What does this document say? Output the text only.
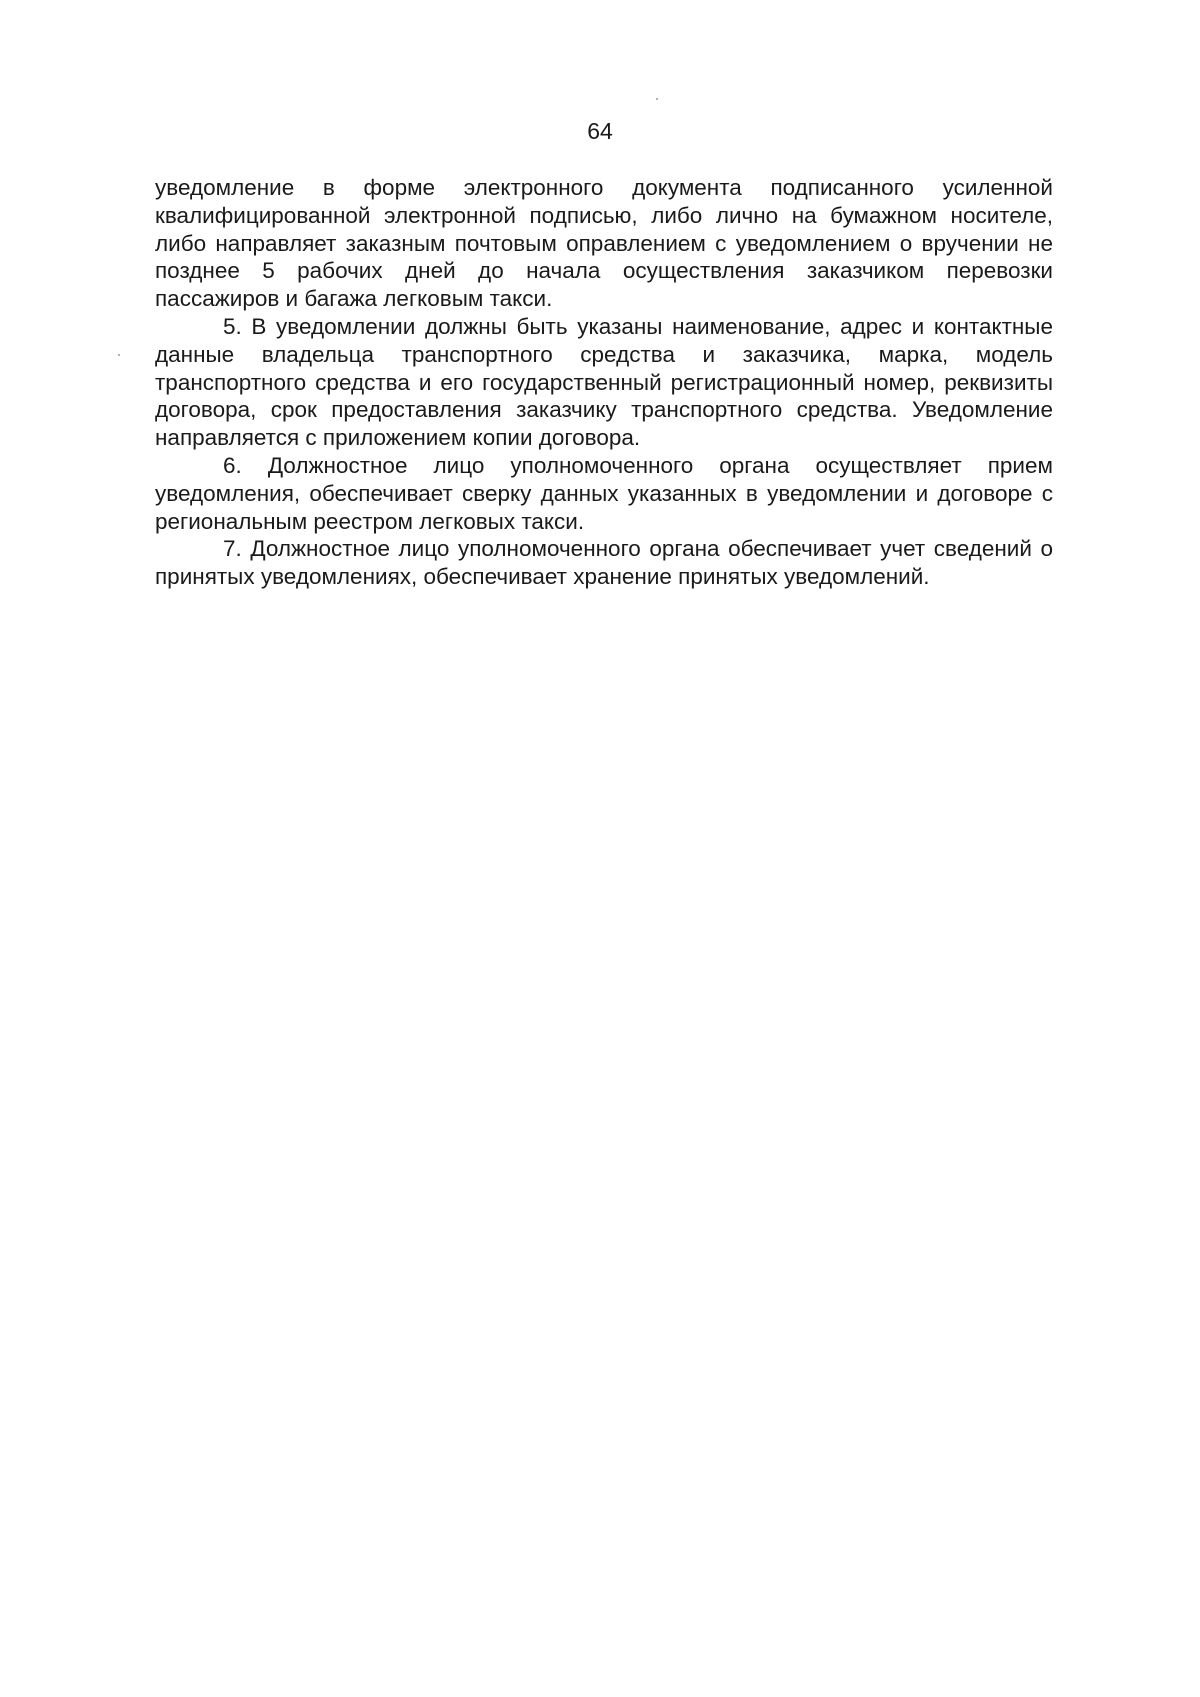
64

уведомление в форме электронного документа подписанного усиленной квалифицированной электронной подписью, либо лично на бумажном носителе, либо направляет заказным почтовым оправлением с уведомлением о вручении не позднее 5 рабочих дней до начала осуществления заказчиком перевозки пассажиров и багажа легковым такси.

5. В уведомлении должны быть указаны наименование, адрес и контактные данные владельца транспортного средства и заказчика, марка, модель транспортного средства и его государственный регистрационный номер, реквизиты договора, срок предоставления заказчику транспортного средства. Уведомление направляется с приложением копии договора.

6. Должностное лицо уполномоченного органа осуществляет прием уведомления, обеспечивает сверку данных указанных в уведомлении и договоре с региональным реестром легковых такси.

7. Должностное лицо уполномоченного органа обеспечивает учет сведений о принятых уведомлениях, обеспечивает хранение принятых уведомлений.
